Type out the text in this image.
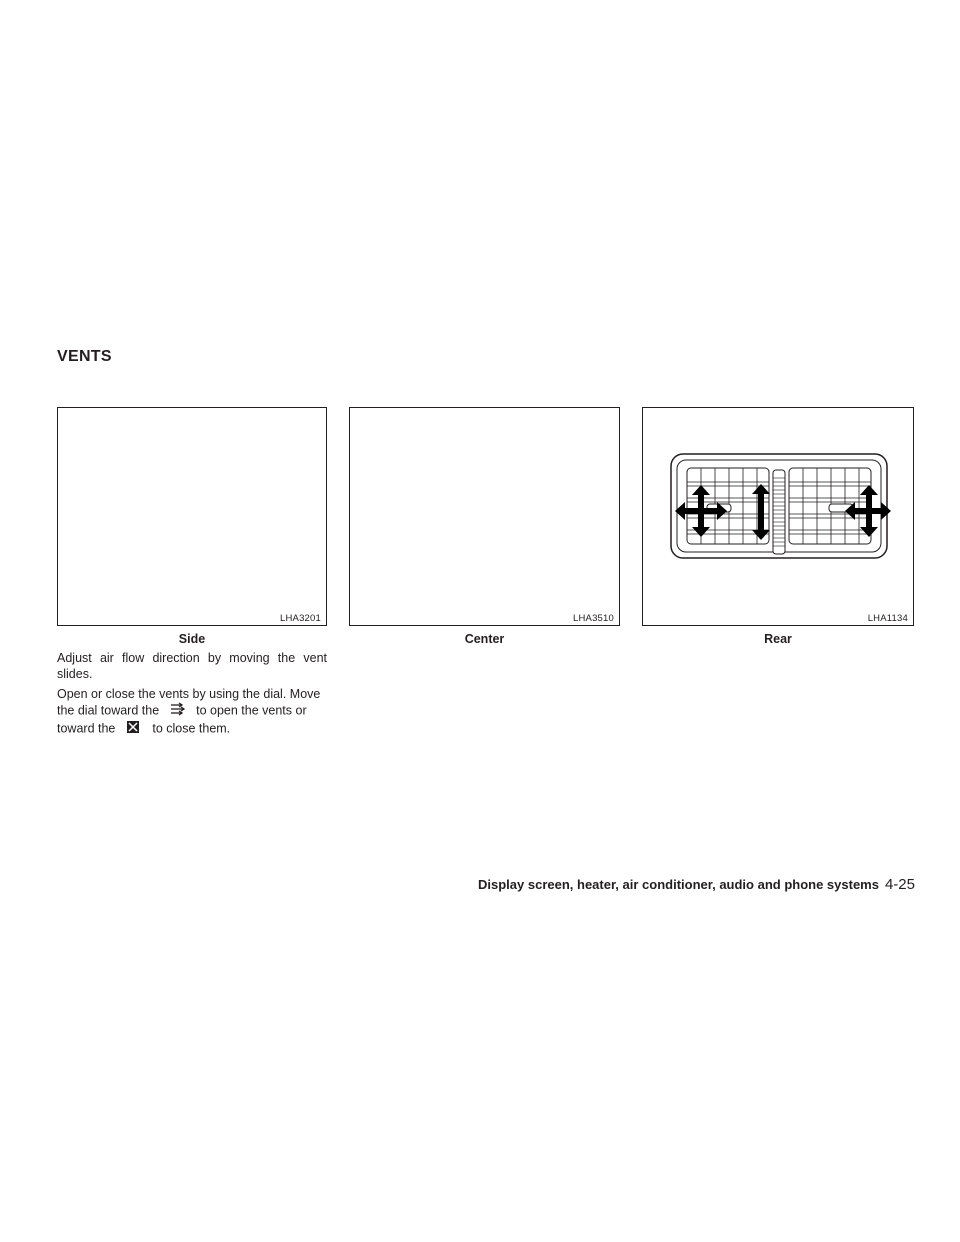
VENTS
LHA3201
Side
LHA3510
Center
LHA1134
Rear

Adjust air flow direction by moving the vent slides.

Open or close the vents by using the dial. Move
the dial toward the	to open the vents or
toward the	to close them.

Display screen, heater, air conditioner, audio and phone systems 4-25
